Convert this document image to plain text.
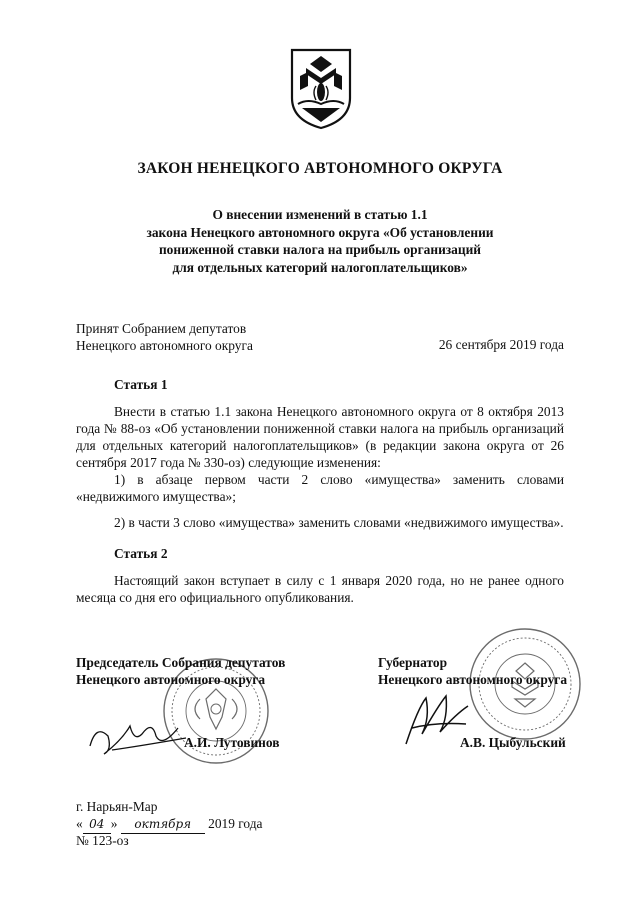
ЗАКОН НЕНЕЦКОГО АВТОНОМНОГО ОКРУГА
О внесении изменений в статью 1.1
закона Ненецкого автономного округа «Об установлении
пониженной ставки налога на прибыль организаций
для отдельных категорий налогоплательщиков»
Принят Собранием депутатов
Ненецкого автономного округа	26 сентября 2019 года
Статья 1
Внести в статью 1.1 закона Ненецкого автономного округа от 8 октября 2013 года № 88-оз «Об установлении пониженной ставки налога на прибыль организаций для отдельных категорий налогоплательщиков» (в редакции закона округа от 26 сентября 2017 года № 330-оз) следующие изменения:
1) в абзаце первом части 2 слово «имущества» заменить словами «недвижимого имущества»;
2) в части 3 слово «имущества» заменить словами «недвижимого имущества».
Статья 2
Настоящий закон вступает в силу с 1 января 2020 года, но не ранее одного месяца со дня его официального опубликования.
Председатель Собрания депутатов
Ненецкого автономного округа
А.И. Лутовинов
Губернатор
Ненецкого автономного округа
А.В. Цыбульский
г. Нарьян-Мар
« 04 » октября 2019 года
№ 123-оз
